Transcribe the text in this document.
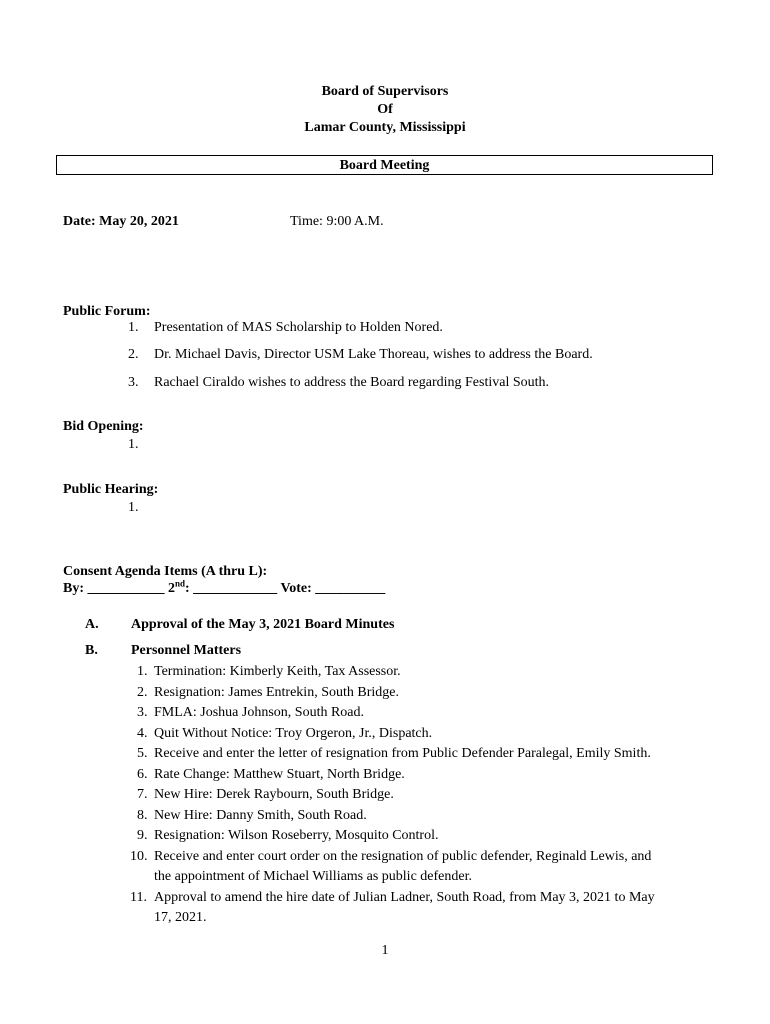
Board of Supervisors
Of
Lamar County, Mississippi
Board Meeting
Date: May 20, 2021	Time: 9:00 A.M.
Public Forum:
1. Presentation of MAS Scholarship to Holden Nored.
2. Dr. Michael Davis, Director USM Lake Thoreau, wishes to address the Board.
3. Rachael Ciraldo wishes to address the Board regarding Festival South.
Bid Opening:
1.
Public Hearing:
1.
Consent Agenda Items (A thru L):
By: ___________ 2nd: ____________ Vote: __________
A. Approval of the May 3, 2021 Board Minutes
B. Personnel Matters
1. Termination: Kimberly Keith, Tax Assessor.
2. Resignation: James Entrekin, South Bridge.
3. FMLA: Joshua Johnson, South Road.
4. Quit Without Notice: Troy Orgeron, Jr., Dispatch.
5. Receive and enter the letter of resignation from Public Defender Paralegal, Emily Smith.
6. Rate Change: Matthew Stuart, North Bridge.
7. New Hire: Derek Raybourn, South Bridge.
8. New Hire: Danny Smith, South Road.
9. Resignation: Wilson Roseberry, Mosquito Control.
10. Receive and enter court order on the resignation of public defender, Reginald Lewis, and
the appointment of Michael Williams as public defender.
11. Approval to amend the hire date of Julian Ladner, South Road, from May 3, 2021 to May
17, 2021.
1
